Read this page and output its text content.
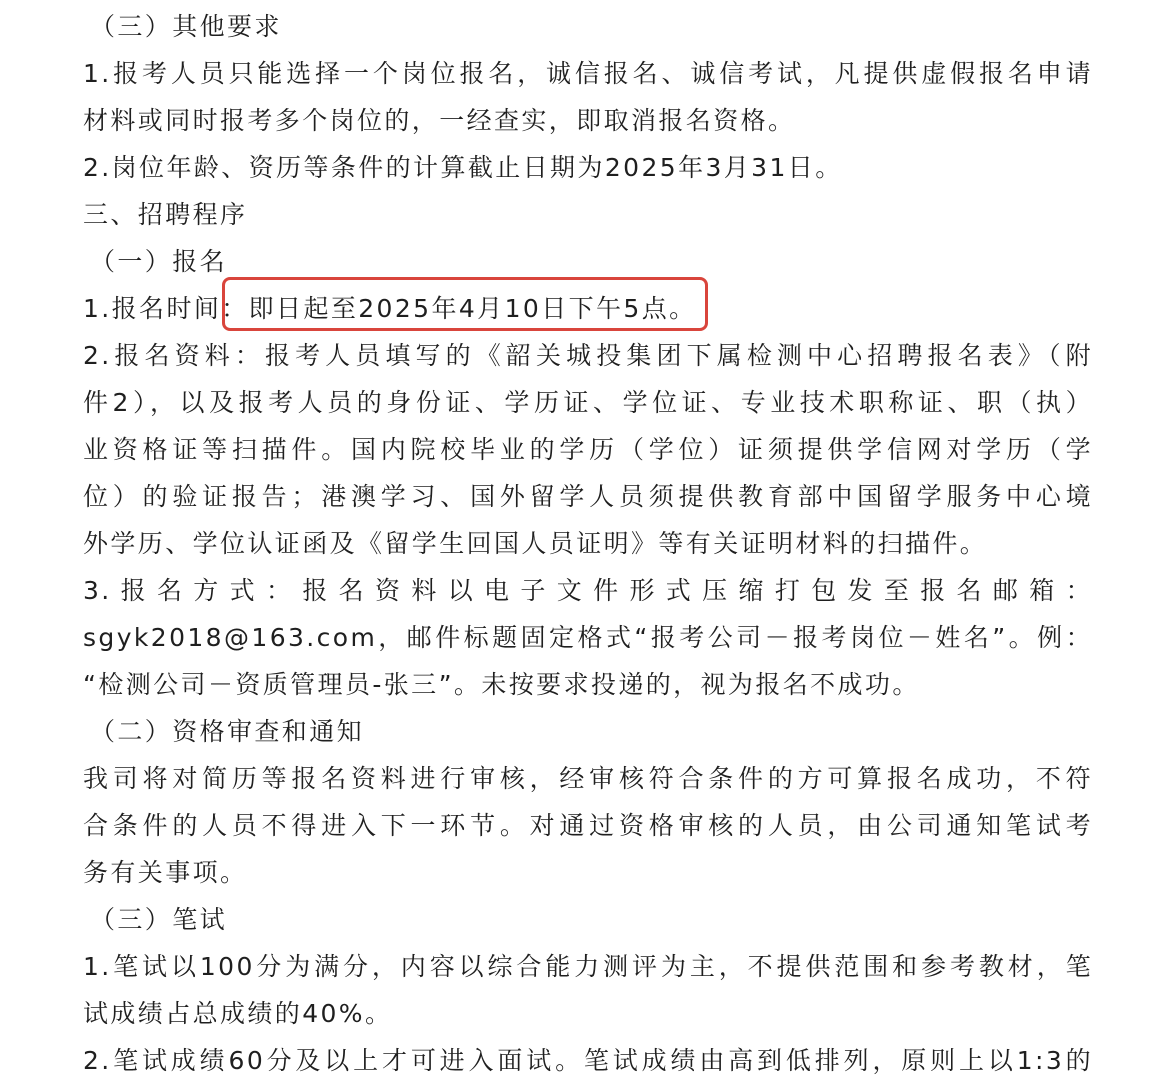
（三）其他要求
1.报考人员只能选择一个岗位报名，诚信报名、诚信考试，凡提供虚假报名申请
材料或同时报考多个岗位的，一经查实，即取消报名资格。
2.岗位年龄、资历等条件的计算截止日期为2025年3月31日。
三、招聘程序
（一）报名
1.报名时间：即日起至2025年4月10日下午5点。
2.报名资料：报考人员填写的《韶关城投集团下属检测中心招聘报名表》（附
件2），以及报考人员的身份证、学历证、学位证、专业技术职称证、职（执）
业资格证等扫描件。国内院校毕业的学历（学位）证须提供学信网对学历（学
位）的验证报告；港澳学习、国外留学人员须提供教育部中国留学服务中心境
外学历、学位认证函及《留学生回国人员证明》等有关证明材料的扫描件。
3.报名方式：报名资料以电子文件形式压缩打包发至报名邮箱：
sgyk2018@163.com，邮件标题固定格式“报考公司－报考岗位－姓名”。例：
“检测公司－资质管理员-张三”。未按要求投递的，视为报名不成功。
（二）资格审查和通知
我司将对简历等报名资料进行审核，经审核符合条件的方可算报名成功，不符
合条件的人员不得进入下一环节。对通过资格审核的人员，由公司通知笔试考
务有关事项。
（三）笔试
1.笔试以100分为满分，内容以综合能力测评为主，不提供范围和参考教材，笔
试成绩占总成绩的40%。
2.笔试成绩60分及以上才可进入面试。笔试成绩由高到低排列，原则上以1:3的
